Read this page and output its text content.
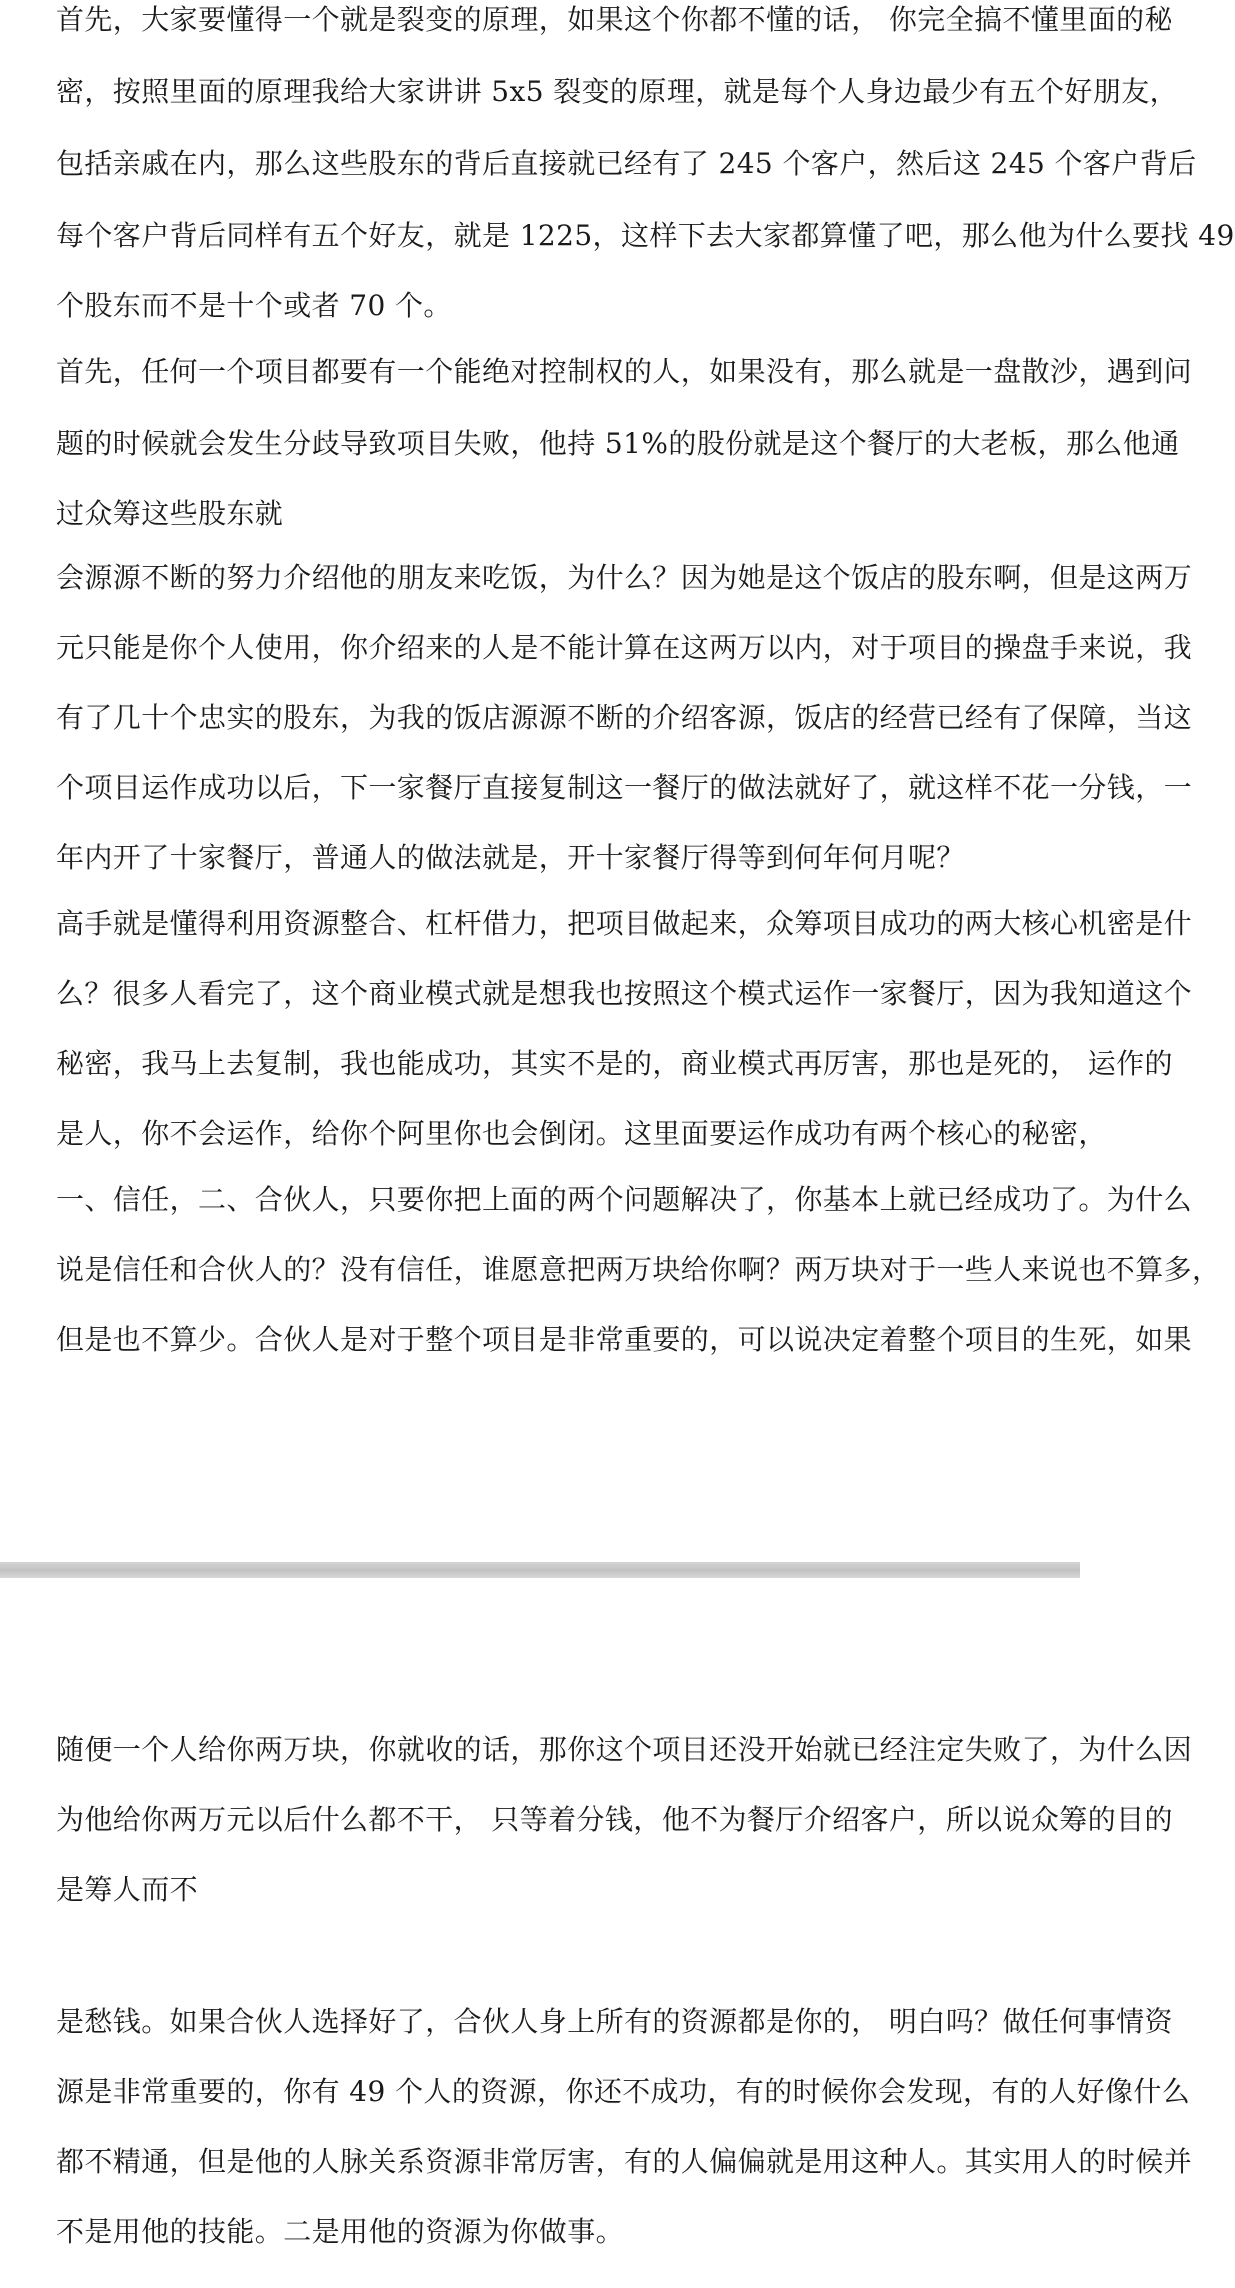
首先，大家要懂得一个就是裂变的原理，如果这个你都不懂的话， 你完全搞不懂里面的秘
密，按照里面的原理我给大家讲讲 5x5 裂变的原理，就是每个人身边最少有五个好朋友，
包括亲戚在内，那么这些股东的背后直接就已经有了 245 个客户，然后这 245 个客户背后
每个客户背后同样有五个好友，就是 1225，这样下去大家都算懂了吧，那么他为什么要找 49
个股东而不是十个或者 70 个。
首先，任何一个项目都要有一个能绝对控制权的人，如果没有，那么就是一盘散沙，遇到问
题的时候就会发生分歧导致项目失败，他持 51%的股份就是这个餐厅的大老板，那么他通
过众筹这些股东就
会源源不断的努力介绍他的朋友来吃饭，为什么？因为她是这个饭店的股东啊，但是这两万
元只能是你个人使用，你介绍来的人是不能计算在这两万以内，对于项目的操盘手来说，我
有了几十个忠实的股东，为我的饭店源源不断的介绍客源，饭店的经营已经有了保障，当这
个项目运作成功以后，下一家餐厅直接复制这一餐厅的做法就好了，就这样不花一分钱，一
年内开了十家餐厅，普通人的做法就是，开十家餐厅得等到何年何月呢？
高手就是懂得利用资源整合、杠杆借力，把项目做起来，众筹项目成功的两大核心机密是什
么？很多人看完了，这个商业模式就是想我也按照这个模式运作一家餐厅，因为我知道这个
秘密，我马上去复制，我也能成功，其实不是的，商业模式再厉害，那也是死的， 运作的
是人，你不会运作，给你个阿里你也会倒闭。这里面要运作成功有两个核心的秘密，
一、信任，二、合伙人，只要你把上面的两个问题解决了，你基本上就已经成功了。为什么
说是信任和合伙人的？没有信任，谁愿意把两万块给你啊？两万块对于一些人来说也不算多，
但是也不算少。合伙人是对于整个项目是非常重要的，可以说决定着整个项目的生死，如果
随便一个人给你两万块，你就收的话，那你这个项目还没开始就已经注定失败了，为什么因
为他给你两万元以后什么都不干， 只等着分钱，他不为餐厅介绍客户，所以说众筹的目的
是筹人而不
是愁钱。如果合伙人选择好了，合伙人身上所有的资源都是你的， 明白吗？做任何事情资
源是非常重要的，你有 49 个人的资源，你还不成功，有的时候你会发现，有的人好像什么
都不精通，但是他的人脉关系资源非常厉害，有的人偏偏就是用这种人。其实用人的时候并
不是用他的技能。二是用他的资源为你做事。
